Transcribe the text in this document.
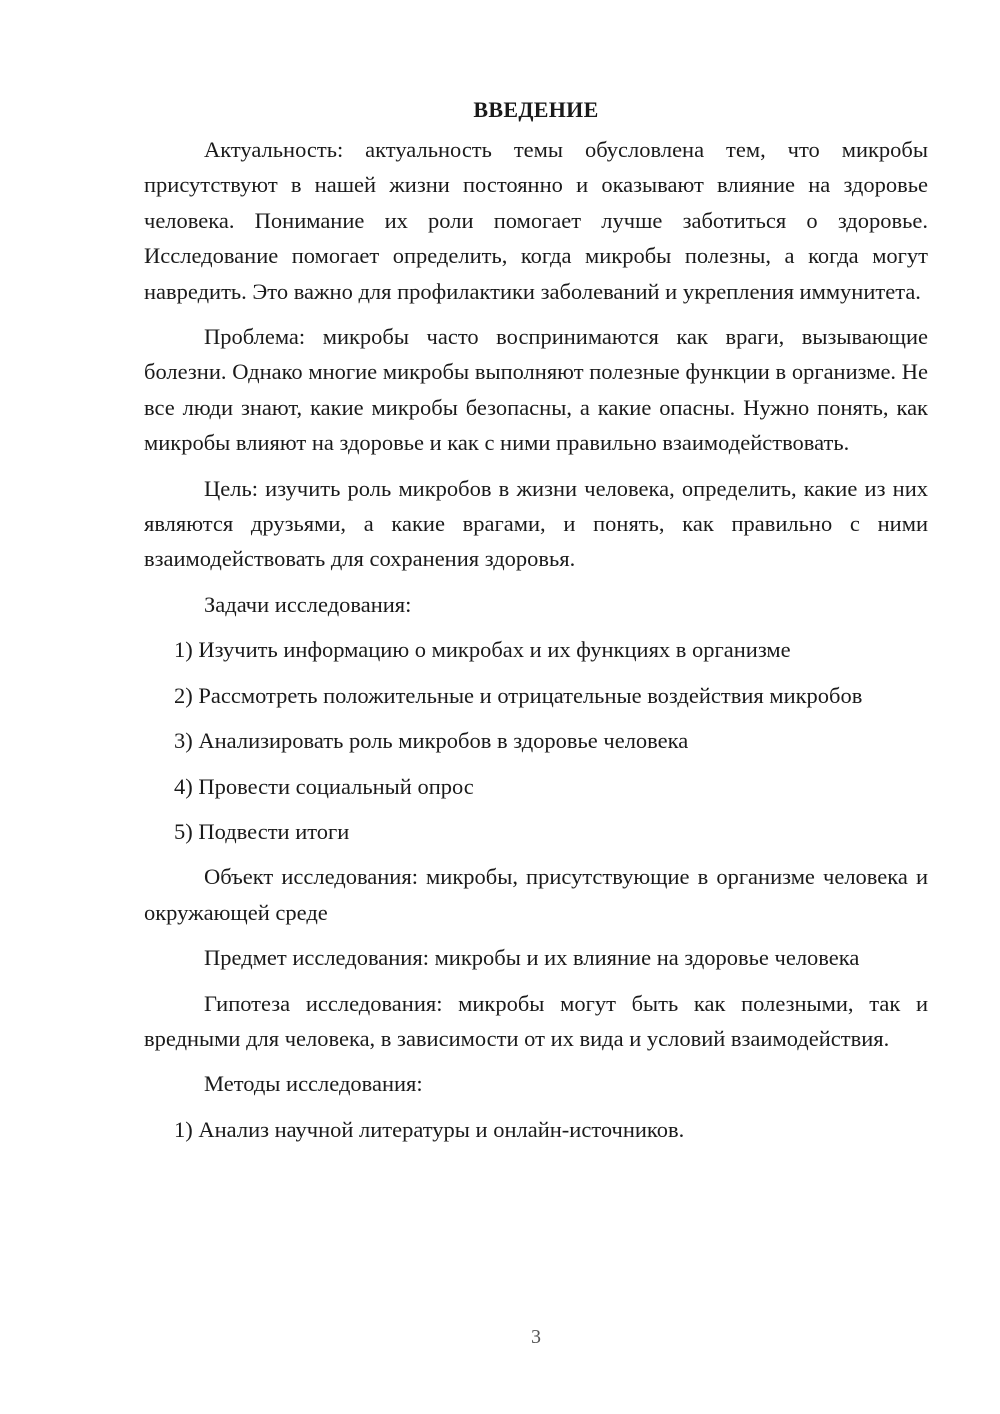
ВВЕДЕНИЕ

Актуальность: актуальность темы обусловлена тем, что микробы присутствуют в нашей жизни постоянно и оказывают влияние на здоровье человека. Понимание их роли помогает лучше заботиться о здоровье. Исследование помогает определить, когда микробы полезны, а когда могут навредить. Это важно для профилактики заболеваний и укрепления иммунитета.

Проблема: микробы часто воспринимаются как враги, вызывающие болезни. Однако многие микробы выполняют полезные функции в организме. Не все люди знают, какие микробы безопасны, а какие опасны. Нужно понять, как микробы влияют на здоровье и как с ними правильно взаимодействовать.

Цель: изучить роль микробов в жизни человека, определить, какие из них являются друзьями, а какие врагами, и понять, как правильно с ними взаимодействовать для сохранения здоровья.

Задачи исследования:

1) Изучить информацию о микробах и их функциях в организме

2) Рассмотреть положительные и отрицательные воздействия микробов

3) Анализировать роль микробов в здоровье человека

4) Провести социальный опрос

5) Подвести итоги

Объект исследования: микробы, присутствующие в организме человека и окружающей среде

Предмет исследования: микробы и их влияние на здоровье человека

Гипотеза исследования: микробы могут быть как полезными, так и вредными для человека, в зависимости от их вида и условий взаимодействия.

Методы исследования:

1) Анализ научной литературы и онлайн-источников.

3
